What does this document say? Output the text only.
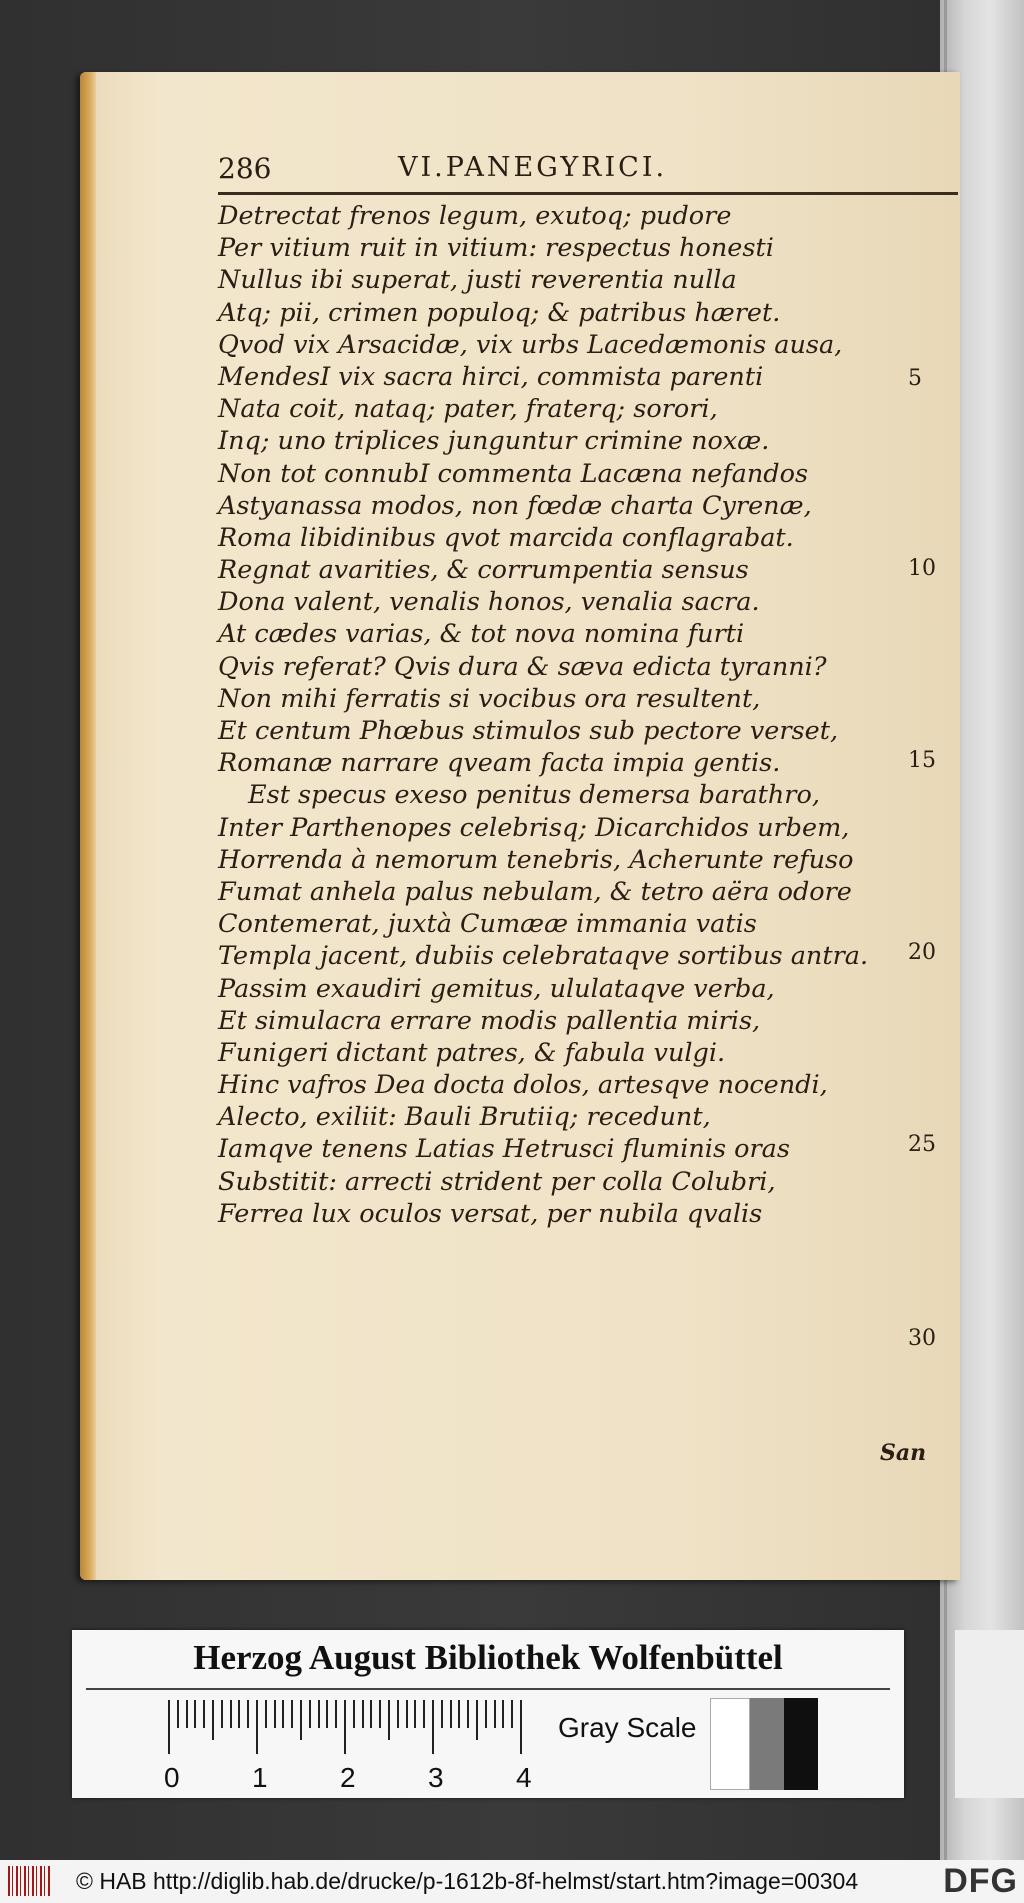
286	VI.PANEGYRICI.
Detrectat frenos legum, exutoq; pudore
Per vitium ruit in vitium: respectus honesti
Nullus ibi superat, justi reverentia nulla
Atq; pii, crimen populoq; & patribus hæret.
Qvod vix Arsacidæ, vix urbs Lacedæmonis ausa,
MendesI vix sacra hirci, commista parenti
Nata coit, nataq; pater, fraterq; sorori,
Inq; uno triplices junguntur crimine noxæ.
Non tot connubI commenta Lacæna nefandos
Astyanassa modos, non fœdæ charta Cyrenæ,
Roma libidinibus qvot marcida conflagrabat.
Regnat avarities, & corrumpentia sensus
Dona valent, venalis honos, venalia sacra.
At cædes varias, & tot nova nomina furti
Qvis referat? Qvis dura & sæva edicta tyranni?
Non mihi ferratis si vocibus ora resultent,
Et centum Phœbus stimulos sub pectore verset,
Romanæ narrare qveam facta impia gentis.
Est specus exeso penitus demersa barathro,
Inter Parthenopes celebrisq; Dicarchidos urbem,
Horrenda à nemorum tenebris, Acherunte refuso
Fumat anhela palus nebulam, & tetro aëra odore
Contemerat, juxtà Cumææ immania vatis
Templa jacent, dubiis celebrataqve sortibus antra.
Passim exaudiri gemitus, ululataqve verba,
Et simulacra errare modis pallentia miris,
Funigeri dictant patres, & fabula vulgi.
Hinc vafros Dea docta dolos, artesqve nocendi,
Alecto, exiliit: Bauli Brutiiq; recedunt,
Iamqve tenens Latias Hetrusci fluminis oras
Substitit: arrecti strident per colla Colubri,
Ferrea lux oculos versat, per nubila qvalis
5
10
15
20
25
30
San
Herzog August Bibliothek Wolfenbüttel
0	1	2	3	4
Gray Scale
© HAB http://diglib.hab.de/drucke/p-1612b-8f-helmst/start.htm?image=00304	DFG
